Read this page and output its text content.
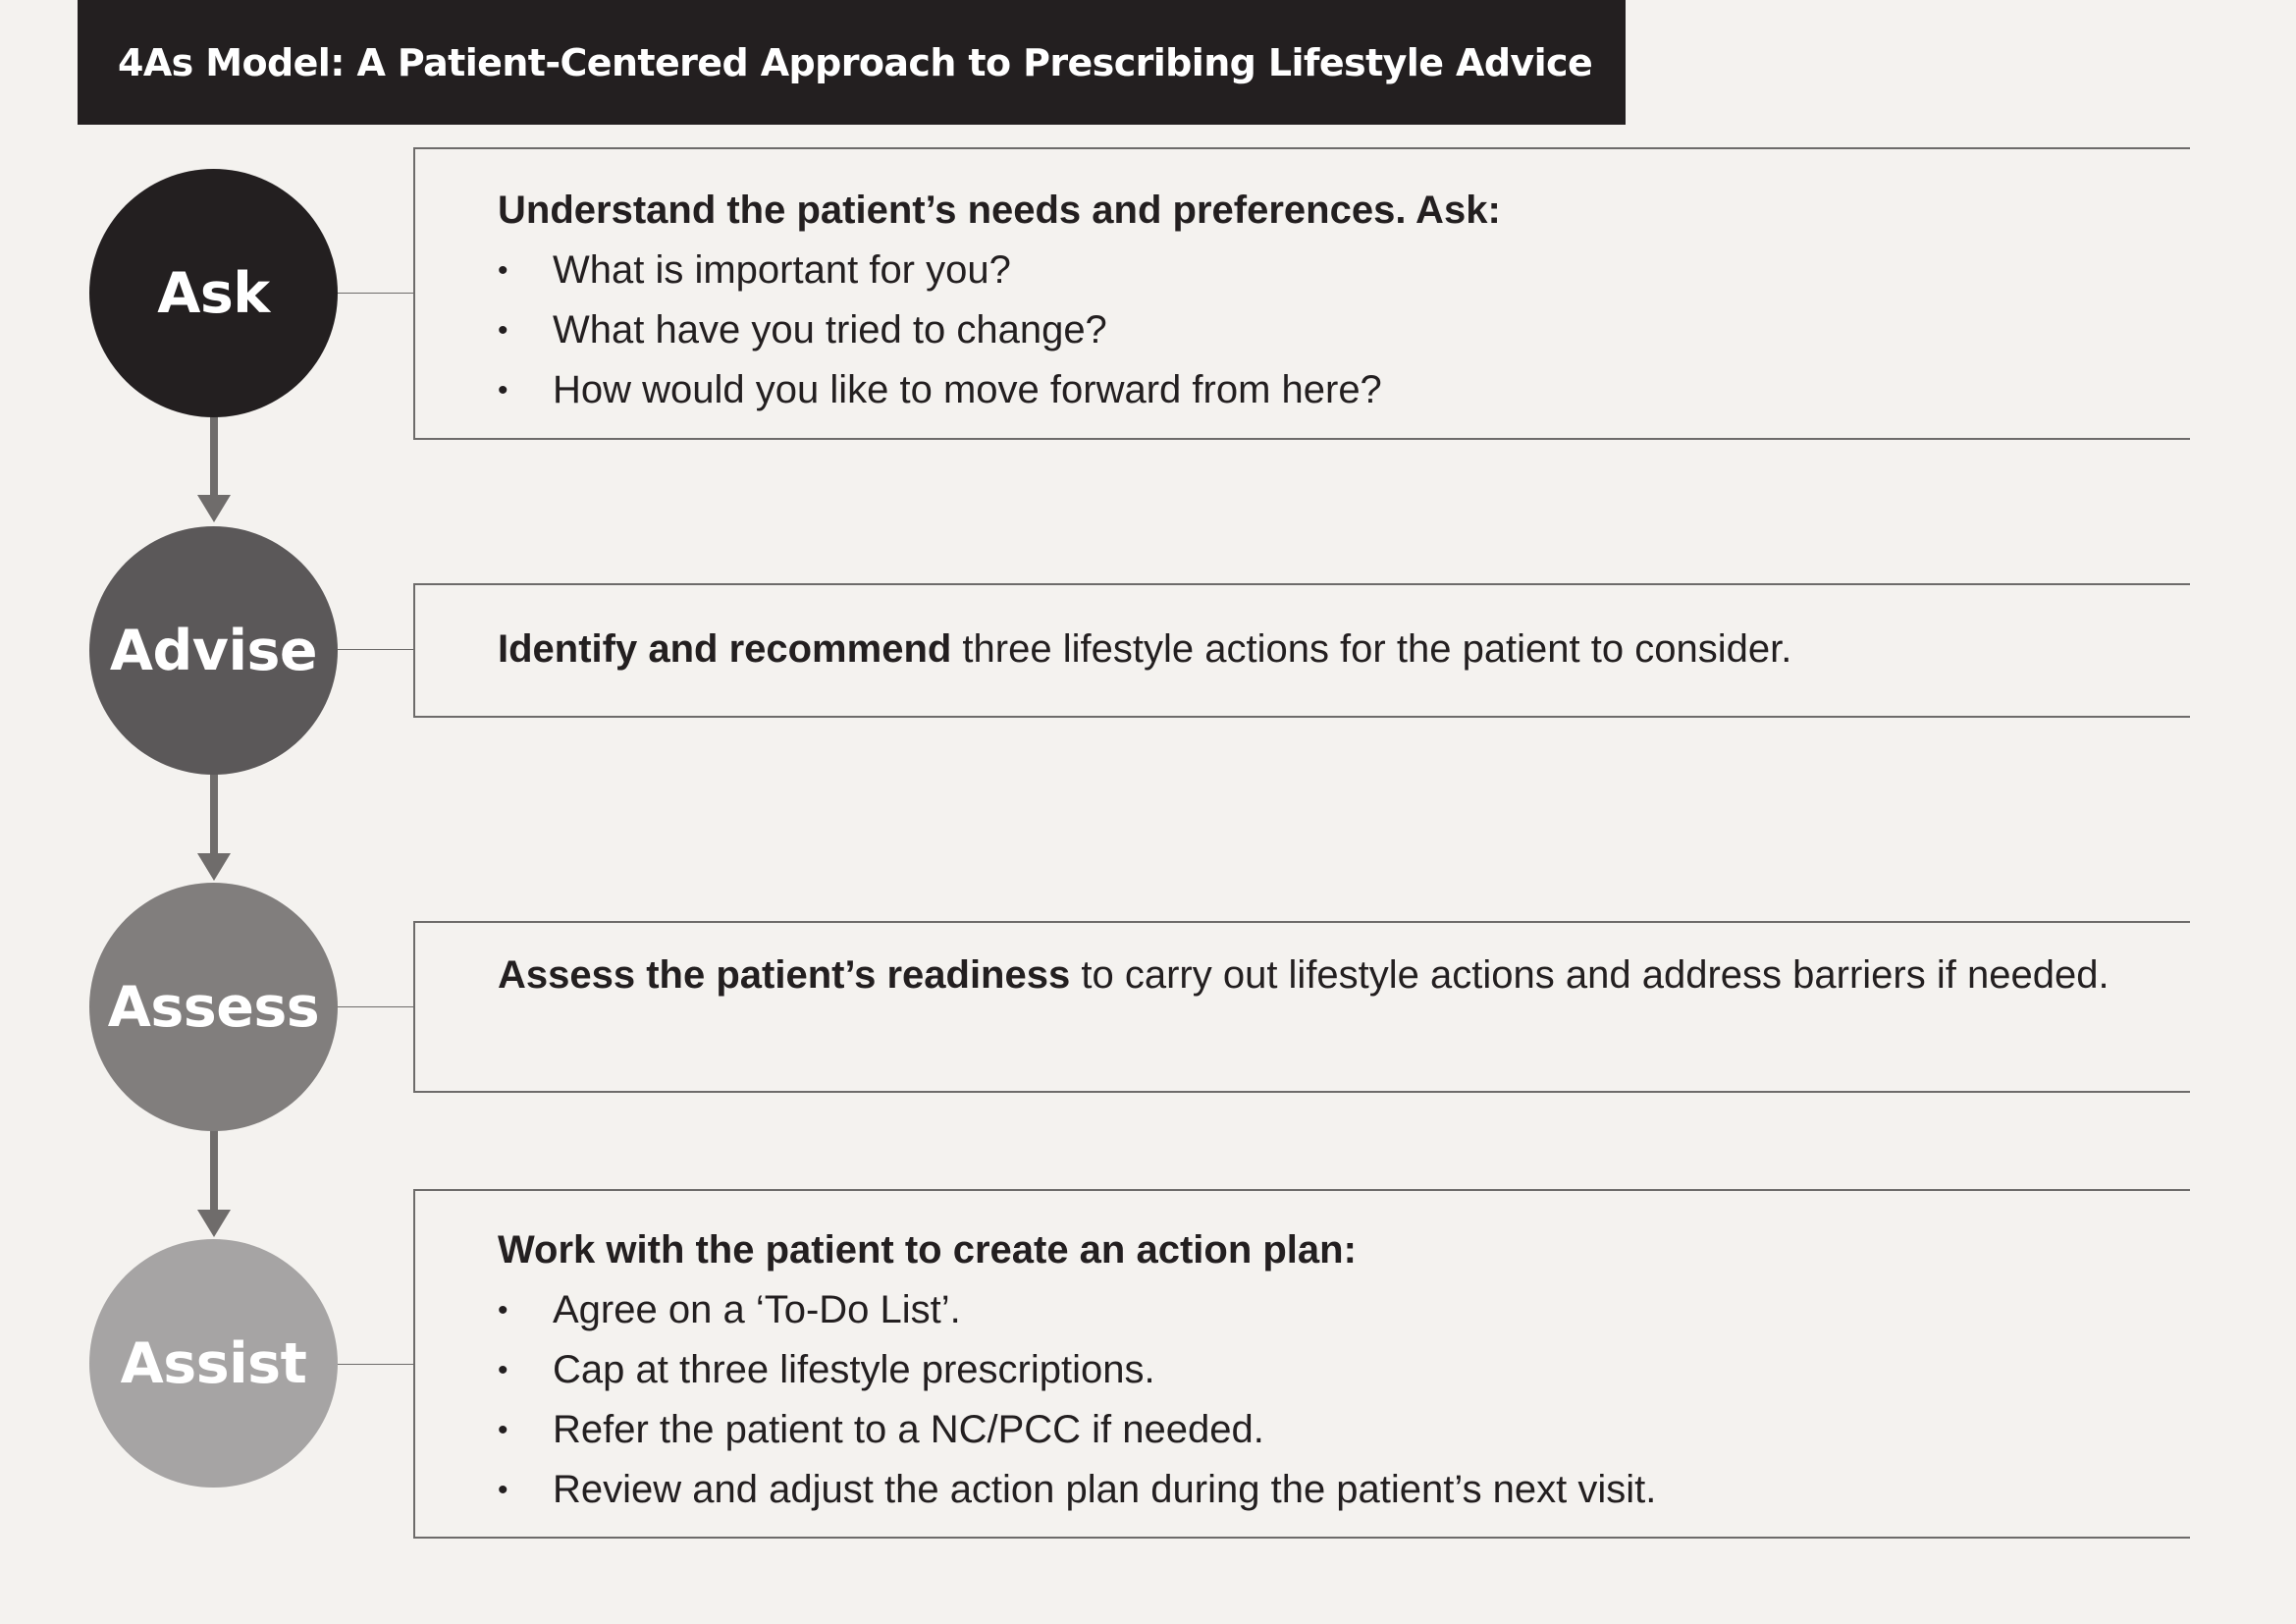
4As Model: A Patient-Centered Approach to Prescribing Lifestyle Advice
Ask
Understand the patient’s needs and preferences. Ask:
• What is important for you?
• What have you tried to change?
• How would you like to move forward from here?
Advise	Identify and recommend three lifestyle actions for the patient to consider.

Assess	Assess the patient’s readiness to carry out lifestyle actions and address barriers if needed.

Assist
Work with the patient to create an action plan:
• Agree on a ‘To-Do List’.
• Cap at three lifestyle prescriptions.
• Refer the patient to a NC/PCC if needed.
• Review and adjust the action plan during the patient’s next visit.
